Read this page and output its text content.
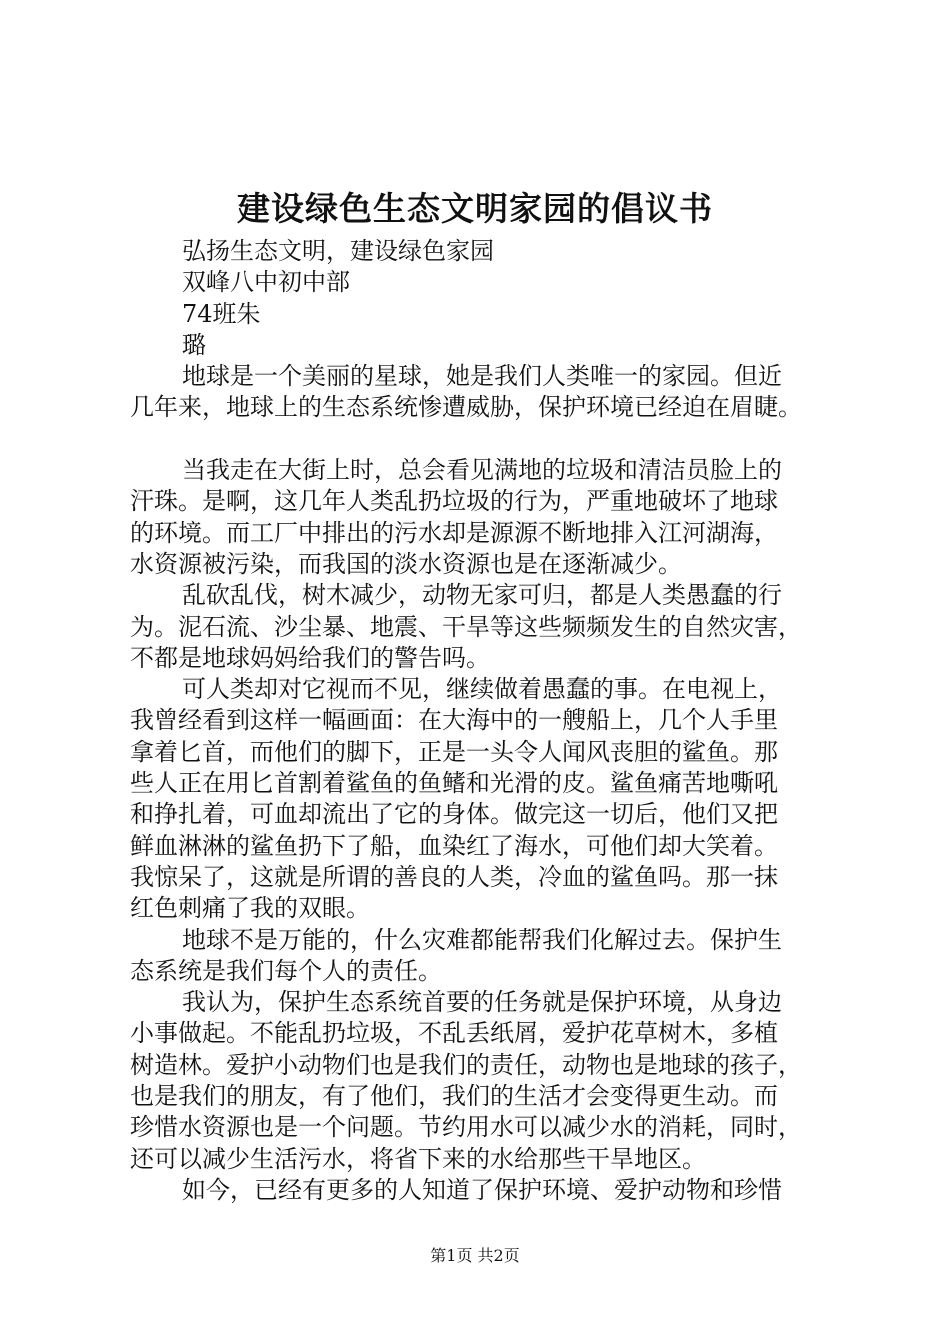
建设绿色生态文明家园的倡议书
弘扬生态文明，建设绿色家园
双峰八中初中部
74班朱
璐
地球是一个美丽的星球，她是我们人类唯一的家园。但近
几年来，地球上的生态系统惨遭威胁，保护环境已经迫在眉睫。
当我走在大街上时，总会看见满地的垃圾和清洁员脸上的
汗珠。是啊，这几年人类乱扔垃圾的行为，严重地破坏了地球
的环境。而工厂中排出的污水却是源源不断地排入江河湖海，
水资源被污染，而我国的淡水资源也是在逐渐减少。
乱砍乱伐，树木减少，动物无家可归，都是人类愚蠢的行
为。泥石流、沙尘暴、地震、干旱等这些频频发生的自然灾害，
不都是地球妈妈给我们的警告吗。
可人类却对它视而不见，继续做着愚蠢的事。在电视上，
我曾经看到这样一幅画面：在大海中的一艘船上，几个人手里
拿着匕首，而他们的脚下，正是一头令人闻风丧胆的鲨鱼。那
些人正在用匕首割着鲨鱼的鱼鳍和光滑的皮。鲨鱼痛苦地嘶吼
和挣扎着，可血却流出了它的身体。做完这一切后，他们又把
鲜血淋淋的鲨鱼扔下了船，血染红了海水，可他们却大笑着。
我惊呆了，这就是所谓的善良的人类，冷血的鲨鱼吗。那一抹
红色刺痛了我的双眼。
地球不是万能的，什么灾难都能帮我们化解过去。保护生
态系统是我们每个人的责任。
我认为，保护生态系统首要的任务就是保护环境，从身边
小事做起。不能乱扔垃圾，不乱丢纸屑，爱护花草树木，多植
树造林。爱护小动物们也是我们的责任，动物也是地球的孩子，
也是我们的朋友，有了他们，我们的生活才会变得更生动。而
珍惜水资源也是一个问题。节约用水可以减少水的消耗，同时，
还可以减少生活污水，将省下来的水给那些干旱地区。
如今，已经有更多的人知道了保护环境、爱护动物和珍惜
第1页 共2页
